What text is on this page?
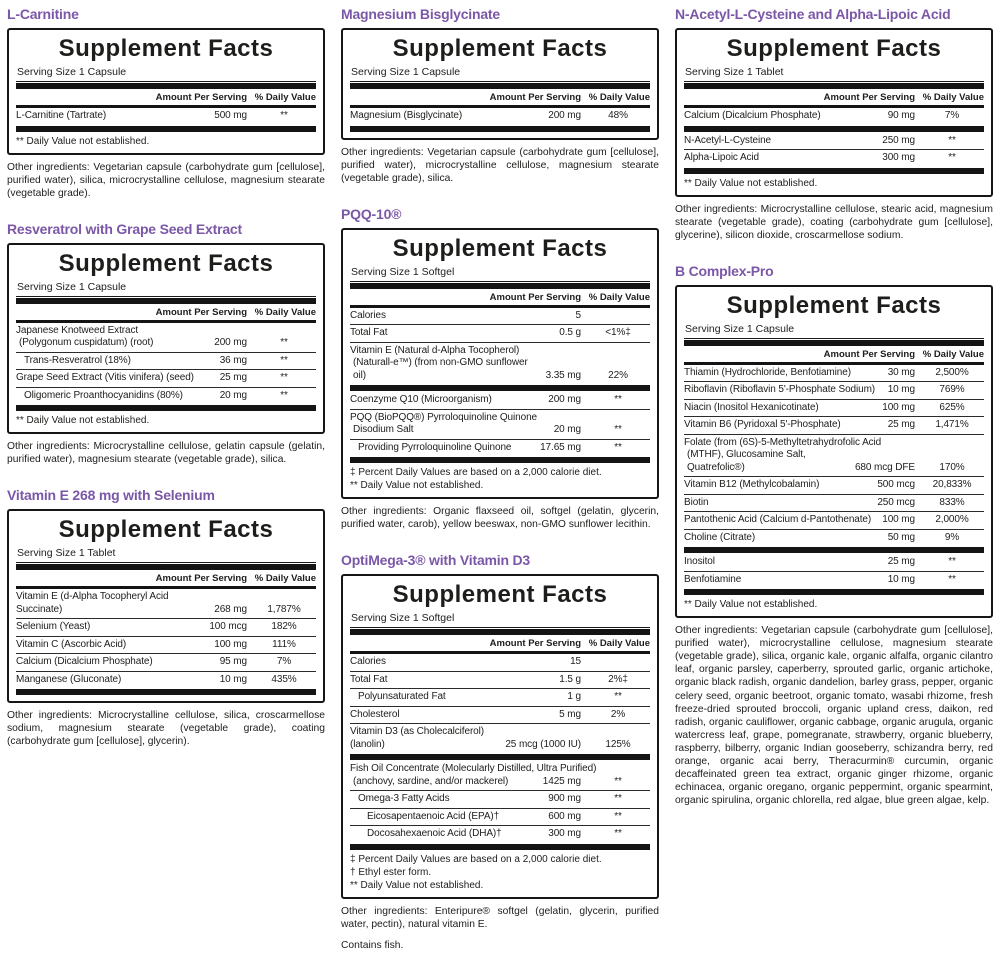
L-Carnitine
Supplement Facts
Serving Size 1 Capsule
Amount Per Serving % Daily Value
L-Carnitine (Tartrate)	500 mg	**
** Daily Value not established.

Other ingredients: Vegetarian capsule (carbohydrate gum [cellulose], purified water), silica, microcrystalline cellulose, magnesium stearate (vegetable grade).

Resveratrol with Grape Seed Extract
Supplement Facts
Serving Size 1 Capsule
Amount Per Serving % Daily Value
Japanese Knotweed Extract
(Polygonum cuspidatum) (root)	200 mg	**
Trans-Resveratrol (18%)	36 mg	**
Grape Seed Extract (Vitis vinifera) (seed)	25 mg	**
Oligomeric Proanthocyanidins (80%)	20 mg	**
** Daily Value not established.

Other ingredients: Microcrystalline cellulose, gelatin capsule (gelatin, purified water), magnesium stearate (vegetable grade), silica.

Vitamin E 268 mg with Selenium
Supplement Facts
Serving Size 1 Tablet
Amount Per Serving % Daily Value
Vitamin E (d-Alpha Tocopheryl Acid Succinate)	268 mg	1,787%
Selenium (Yeast)	100 mcg	182%
Vitamin C (Ascorbic Acid)	100 mg	111%
Calcium (Dicalcium Phosphate)	95 mg	7%
Manganese (Gluconate)	10 mg	435%

Other ingredients: Microcrystalline cellulose, silica, croscarmellose sodium, magnesium stearate (vegetable grade), coating (carbohydrate gum [cellulose], glycerin).

Magnesium Bisglycinate
Supplement Facts
Serving Size 1 Capsule
Amount Per Serving % Daily Value
Magnesium (Bisglycinate)	200 mg	48%

Other ingredients: Vegetarian capsule (carbohydrate gum [cellulose], purified water), microcrystalline cellulose, magnesium stearate (vegetable grade), silica.

PQQ-10®
Supplement Facts
Serving Size 1 Softgel
Amount Per Serving % Daily Value
Calories	5
Total Fat	0.5 g	<1%‡
Vitamin E (Natural d-Alpha Tocopherol)
(Naturall-e™) (from non-GMO sunflower oil)	3.35 mg	22%
Coenzyme Q10 (Microorganism)	200 mg	**
PQQ (BioPQQ®) Pyrroloquinoline Quinone
Disodium Salt	20 mg	**
Providing Pyrroloquinoline Quinone	17.65 mg	**
‡ Percent Daily Values are based on a 2,000 calorie diet.
** Daily Value not established.

Other ingredients: Organic flaxseed oil, softgel (gelatin, glycerin, purified water, carob), yellow beeswax, non-GMO sunflower lecithin.

OptiMega-3® with Vitamin D3
Supplement Facts
Serving Size 1 Softgel
Amount Per Serving % Daily Value
Calories	15
Total Fat	1.5 g	2%‡
Polyunsaturated Fat	1 g	**
Cholesterol	5 mg	2%
Vitamin D3 (as Cholecalciferol) (lanolin)	25 mcg (1000 IU)	125%
Fish Oil Concentrate (Molecularly Distilled, Ultra Purified)
(anchovy, sardine, and/or mackerel)	1425 mg	**
Omega-3 Fatty Acids	900 mg	**
Eicosapentaenoic Acid (EPA)†	600 mg	**
Docosahexaenoic Acid (DHA)†	300 mg	**
‡ Percent Daily Values are based on a 2,000 calorie diet.
† Ethyl ester form.
** Daily Value not established.

Other ingredients: Enteripure® softgel (gelatin, glycerin, purified water, pectin), natural vitamin E.

Contains fish.

N-Acetyl-L-Cysteine and Alpha-Lipoic Acid
Supplement Facts
Serving Size 1 Tablet
Amount Per Serving % Daily Value
Calcium (Dicalcium Phosphate)	90 mg	7%
N-Acetyl-L-Cysteine	250 mg	**
Alpha-Lipoic Acid	300 mg	**
** Daily Value not established.

Other ingredients: Microcrystalline cellulose, stearic acid, magnesium stearate (vegetable grade), coating (carbohydrate gum [cellulose], glycerine), silicon dioxide, croscarmellose sodium.

B Complex-Pro
Supplement Facts
Serving Size 1 Capsule
Amount Per Serving % Daily Value
Thiamin (Hydrochloride, Benfotiamine)	30 mg	2,500%
Riboflavin (Riboflavin 5'-Phosphate Sodium)	10 mg	769%
Niacin (Inositol Hexanicotinate)	100 mg	625%
Vitamin B6 (Pyridoxal 5'-Phosphate)	25 mg	1,471%
Folate (from (6S)-5-Methyltetrahydrofolic Acid
(MTHF), Glucosamine Salt, Quatrefolic®)	680 mcg DFE	170%
Vitamin B12 (Methylcobalamin)	500 mcg	20,833%
Biotin	250 mcg	833%
Pantothenic Acid (Calcium d-Pantothenate)	100 mg	2,000%
Choline (Citrate)	50 mg	9%
Inositol	25 mg	**
Benfotiamine	10 mg	**
** Daily Value not established.

Other ingredients: Vegetarian capsule (carbohydrate gum [cellulose], purified water), microcrystalline cellulose, magnesium stearate (vegetable grade), silica, organic kale, organic alfalfa, organic cilantro leaf, organic parsley, caperberry, sprouted garlic, organic artichoke, organic black radish, organic dandelion, barley grass, pepper, organic celery seed, organic beetroot, organic tomato, wasabi rhizome, fresh freeze-dried sprouted broccoli, organic upland cress, daikon, red radish, organic cauliflower, organic cabbage, organic arugula, organic watercress leaf, grape, pomegranate, strawberry, organic blueberry, raspberry, bilberry, organic Indian gooseberry, schizandra berry, red orange, organic acai berry, Theracurmin® curcumin, organic decaffeinated green tea extract, organic ginger rhizome, organic echinacea, organic oregano, organic peppermint, organic spearmint, organic spirulina, organic chlorella, red algae, blue green algae, kelp.
